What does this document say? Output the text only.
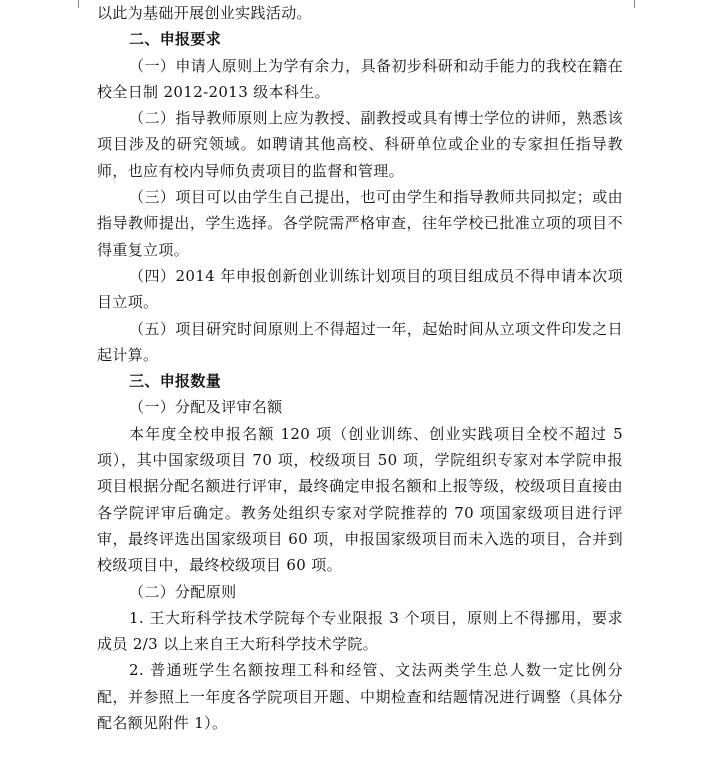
以此为基础开展创业实践活动。

二、申报要求

（一）申请人原则上为学有余力，具备初步科研和动手能力的我校在籍在校全日制 2012-2013 级本科生。

（二）指导教师原则上应为教授、副教授或具有博士学位的讲师，熟悉该项目涉及的研究领域。如聘请其他高校、科研单位或企业的专家担任指导教师，也应有校内导师负责项目的监督和管理。

（三）项目可以由学生自己提出，也可由学生和指导教师共同拟定；或由指导教师提出，学生选择。各学院需严格审查，往年学校已批准立项的项目不得重复立项。

（四）2014 年申报创新创业训练计划项目的项目组成员不得申请本次项目立项。

（五）项目研究时间原则上不得超过一年，起始时间从立项文件印发之日起计算。

三、申报数量

（一）分配及评审名额

本年度全校申报名额 120 项（创业训练、创业实践项目全校不超过 5 项），其中国家级项目 70 项，校级项目 50 项，学院组织专家对本学院申报项目根据分配名额进行评审，最终确定申报名额和上报等级，校级项目直接由各学院评审后确定。教务处组织专家对学院推荐的 70 项国家级项目进行评审，最终评选出国家级项目 60 项，申报国家级项目而未入选的项目，合并到校级项目中，最终校级项目 60 项。

（二）分配原则

1. 王大珩科学技术学院每个专业限报 3 个项目，原则上不得挪用，要求成员 2/3 以上来自王大珩科学技术学院。

2. 普通班学生名额按理工科和经管、文法两类学生总人数一定比例分配，并参照上一年度各学院项目开题、中期检查和结题情况进行调整（具体分配名额见附件 1）。
